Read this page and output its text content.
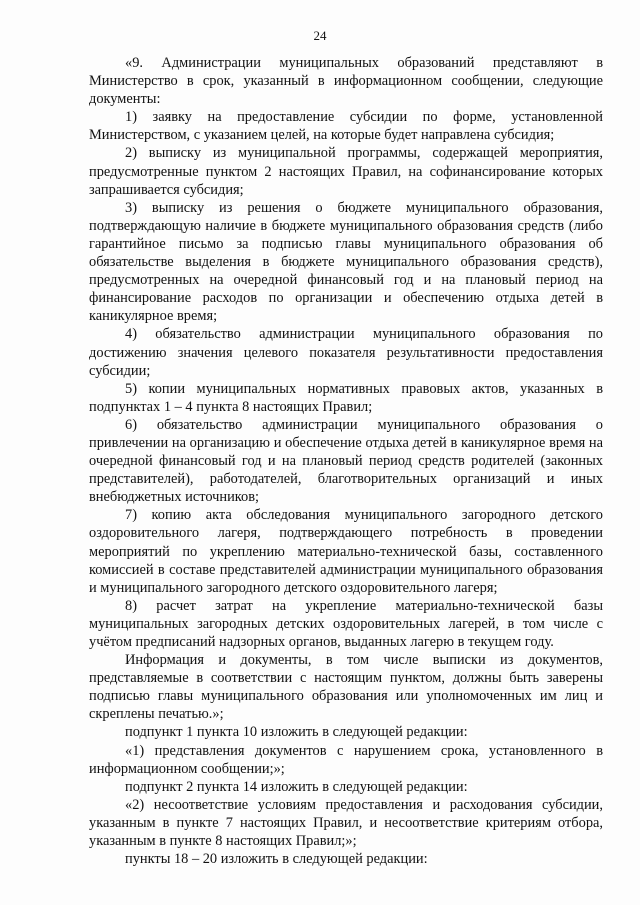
24

«9. Администрации муниципальных образований представляют в Министерство в срок, указанный в информационном сообщении, следующие документы:

1) заявку на предоставление субсидии по форме, установленной Министерством, с указанием целей, на которые будет направлена субсидия;

2) выписку из муниципальной программы, содержащей мероприятия, предусмотренные пунктом 2 настоящих Правил, на софинансирование которых запрашивается субсидия;

3) выписку из решения о бюджете муниципального образования, подтверждающую наличие в бюджете муниципального образования средств (либо гарантийное письмо за подписью главы муниципального образования об обязательстве выделения в бюджете муниципального образования средств), предусмотренных на очередной финансовый год и на плановый период на финансирование расходов по организации и обеспечению отдыха детей в каникулярное время;

4) обязательство администрации муниципального образования по достижению значения целевого показателя результативности предоставления субсидии;

5) копии муниципальных нормативных правовых актов, указанных в подпунктах 1 – 4 пункта 8 настоящих Правил;

6) обязательство администрации муниципального образования о привлечении на организацию и обеспечение отдыха детей в каникулярное время на очередной финансовый год и на плановый период средств родителей (законных представителей), работодателей, благотворительных организаций и иных внебюджетных источников;

7) копию акта обследования муниципального загородного детского оздоровительного лагеря, подтверждающего потребность в проведении мероприятий по укреплению материально-технической базы, составленного комиссией в составе представителей администрации муниципального образования и муниципального загородного детского оздоровительного лагеря;

8) расчет затрат на укрепление материально-технической базы муниципальных загородных детских оздоровительных лагерей, в том числе с учётом предписаний надзорных органов, выданных лагерю в текущем году.

Информация и документы, в том числе выписки из документов, представляемые в соответствии с настоящим пунктом, должны быть заверены подписью главы муниципального образования или уполномоченных им лиц и скреплены печатью.»;

подпункт 1 пункта 10 изложить в следующей редакции:

«1) представления документов с нарушением срока, установленного в информационном сообщении;»;

подпункт 2 пункта 14 изложить в следующей редакции:

«2) несоответствие условиям предоставления и расходования субсидии, указанным в пункте 7 настоящих Правил, и несоответствие критериям отбора, указанным в пункте 8 настоящих Правил;»;

пункты 18 – 20 изложить в следующей редакции:
